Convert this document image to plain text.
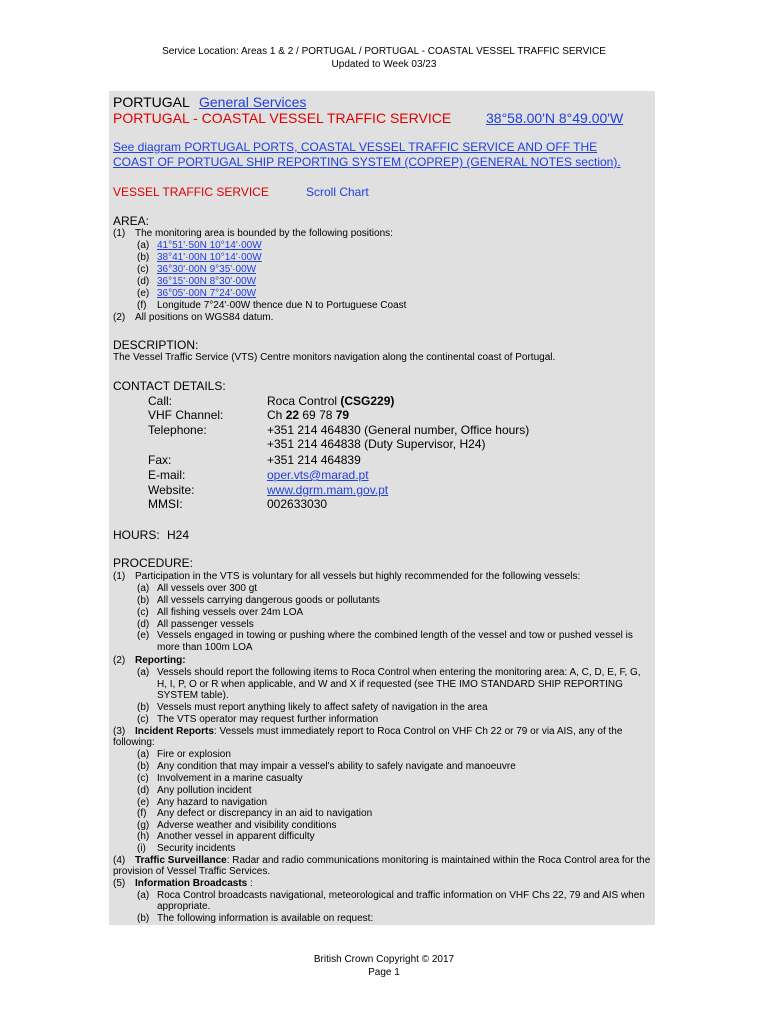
Service Location: Areas 1 & 2 / PORTUGAL / PORTUGAL - COASTAL VESSEL TRAFFIC SERVICE
Updated to Week 03/23
PORTUGAL General Services
PORTUGAL - COASTAL VESSEL TRAFFIC SERVICE 38°58.00'N 8°49.00'W
See diagram PORTUGAL PORTS, COASTAL VESSEL TRAFFIC SERVICE AND OFF THE
COAST OF PORTUGAL SHIP REPORTING SYSTEM (COPREP) (GENERAL NOTES section).
VESSEL TRAFFIC SERVICE	Scroll Chart
AREA:
(1) The monitoring area is bounded by the following positions:
(a) 41°51'·50N 10°14'·00W
(b) 38°41'·00N 10°14'·00W
(c) 36°30'·00N 9°35'·00W
(d) 36°15'·00N 8°30'·00W
(e) 36°05'·00N 7°24'·00W
(f) Longitude 7°24'·00W thence due N to Portuguese Coast
(2) All positions on WGS84 datum.
DESCRIPTION:
The Vessel Traffic Service (VTS) Centre monitors navigation along the continental coast of Portugal.
CONTACT DETAILS:
Call:	Roca Control (CSG229)
VHF Channel:	Ch 22 69 78 79
Telephone:	+351 214 464830 (General number, Office hours)
+351 214 464838 (Duty Supervisor, H24)
Fax:	+351 214 464839
E-mail:	oper.vts@marad.pt
Website:	www.dgrm.mam.gov.pt
MMSI:	002633030
HOURS: H24
PROCEDURE:
(1) Participation in the VTS is voluntary for all vessels but highly recommended for the following vessels:
(a) All vessels over 300 gt
(b) All vessels carrying dangerous goods or pollutants
(c) All fishing vessels over 24m LOA
(d) All passenger vessels
(e) Vessels engaged in towing or pushing where the combined length of the vessel and tow or pushed vessel is
more than 100m LOA
(2) Reporting:
(a) Vessels should report the following items to Roca Control when entering the monitoring area: A, C, D, E, F, G,
H, I, P, O or R when applicable, and W and X if requested (see THE IMO STANDARD SHIP REPORTING
SYSTEM table).
(b) Vessels must report anything likely to affect safety of navigation in the area
(c) The VTS operator may request further information
(3) Incident Reports: Vessels must immediately report to Roca Control on VHF Ch 22 or 79 or via AIS, any of the
following:
(a) Fire or explosion
(b) Any condition that may impair a vessel's ability to safely navigate and manoeuvre
(c) Involvement in a marine casualty
(d) Any pollution incident
(e) Any hazard to navigation
(f) Any defect or discrepancy in an aid to navigation
(g) Adverse weather and visibility conditions
(h) Another vessel in apparent difficulty
(i) Security incidents
(4) Traffic Surveillance: Radar and radio communications monitoring is maintained within the Roca Control area for the
provision of Vessel Traffic Services.
(5) Information Broadcasts :
(a) Roca Control broadcasts navigational, meteorological and traffic information on VHF Chs 22, 79 and AIS when
appropriate.
(b) The following information is available on request:
British Crown Copyright © 2017
Page 1
